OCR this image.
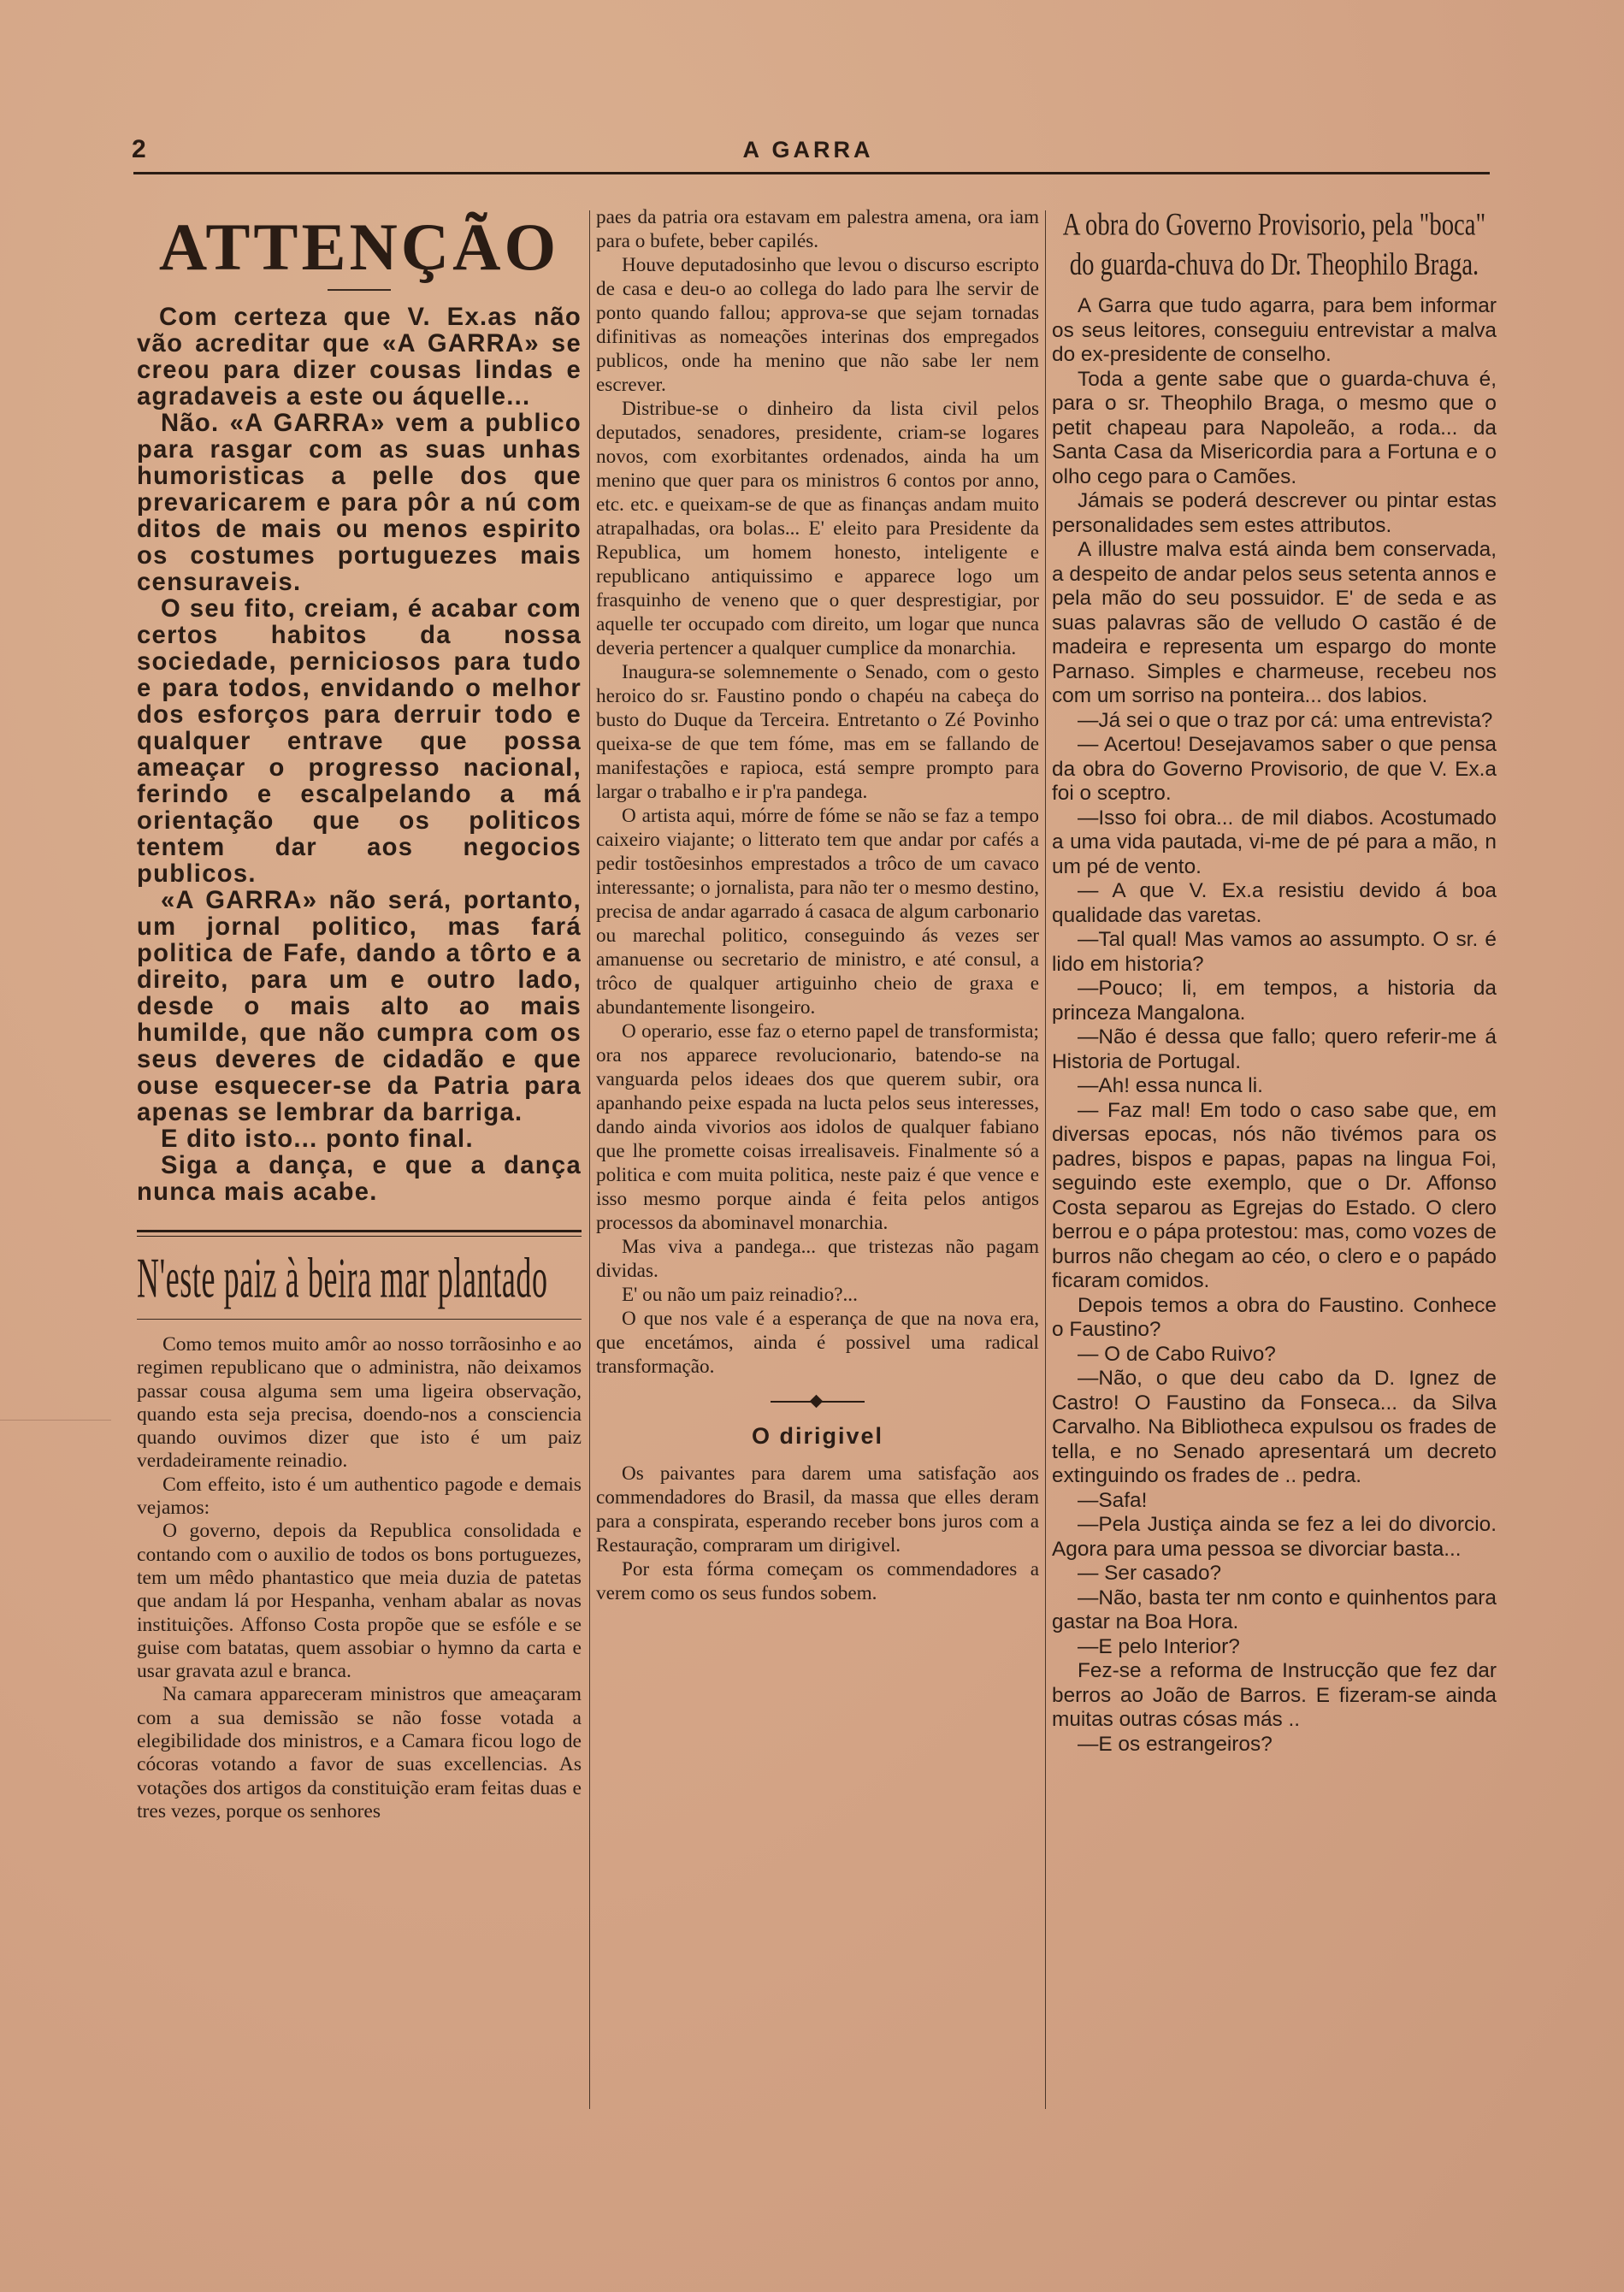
2	A GARRA
ATTENÇÃO

Com certeza que V. Ex.as não vão acreditar que «A GARRA» se creou para dizer cousas lindas e agradaveis a este ou áquelle...

Não. «A GARRA» vem a publico para rasgar com as suas unhas humoristicas a pelle dos que prevaricarem e para pôr a nú com ditos de mais ou menos espirito os costumes portuguezes mais censuraveis.

O seu fito, creiam, é acabar com certos habitos da nossa sociedade, perniciosos para tudo e para todos, envidando o melhor dos esforços para derruir todo e qualquer entrave que possa ameaçar o progresso nacional, ferindo e escalpelando a má orientação que os politicos tentem dar aos negocios publicos.

«A GARRA» não será, portanto, um jornal politico, mas fará politica de Fafe, dando a tôrto e a direito, para um e outro lado, desde o mais alto ao mais humilde, que não cumpra com os seus deveres de cidadão e que ouse esquecer-se da Patria para apenas se lembrar da barriga.

E dito isto... ponto final.

Siga a dança, e que a dança nunca mais acabe.

N'este paiz à beira mar plantado

Como temos muito amôr ao nosso torrãosinho e ao regimen republicano que o administra, não deixamos passar cousa alguma sem uma ligeira observação, quando esta seja precisa, doendo-nos a consciencia quando ouvimos dizer que isto é um paiz verdadeiramente reinadio.

Com effeito, isto é um authentico pagode e demais vejamos:

O governo, depois da Republica consolidada e contando com o auxilio de todos os bons portuguezes, tem um mêdo phantastico que meia duzia de patetas que andam lá por Hespanha, venham abalar as novas instituições. Affonso Costa propõe que se esfóle e se guise com batatas, quem assobiar o hymno da carta e usar gravata azul e branca.

Na camara appareceram ministros que ameaçaram com a sua demissão se não fosse votada a elegibilidade dos ministros, e a Camara ficou logo de cócoras votando a favor de suas excellencias. As votações dos artigos da constituição eram feitas duas e tres vezes, porque os senhores

paes da patria ora estavam em palestra amena, ora iam para o bufete, beber capilés.

Houve deputadosinho que levou o discurso escripto de casa e deu-o ao collega do lado para lhe servir de ponto quando fallou; approva-se que sejam tornadas difinitivas as nomeações interinas dos empregados publicos, onde ha menino que não sabe ler nem escrever.

Distribue-se o dinheiro da lista civil pelos deputados, senadores, presidente, criam-se logares novos, com exorbitantes ordenados, ainda ha um menino que quer para os ministros 6 contos por anno, etc. etc. e queixam-se de que as finanças andam muito atrapalhadas, ora bolas... E' eleito para Presidente da Republica, um homem honesto, inteligente e republicano antiquissimo e apparece logo um frasquinho de veneno que o quer desprestigiar, por aquelle ter occupado com direito, um logar que nunca deveria pertencer a qualquer cumplice da monarchia.

Inaugura-se solemnemente o Senado, com o gesto heroico do sr. Faustino pondo o chapéu na cabeça do busto do Duque da Terceira. Entretanto o Zé Povinho queixa-se de que tem fóme, mas em se fallando de manifestações e rapioca, está sempre prompto para largar o trabalho e ir p'ra pandega.

O artista aqui, mórre de fóme se não se faz a tempo caixeiro viajante; o litterato tem que andar por cafés a pedir tostõesinhos emprestados a trôco de um cavaco interessante; o jornalista, para não ter o mesmo destino, precisa de andar agarrado á casaca de algum carbonario ou marechal politico, conseguindo ás vezes ser amanuense ou secretario de ministro, e até consul, a trôco de qualquer artiguinho cheio de graxa e abundantemente lisongeiro.

O operario, esse faz o eterno papel de transformista; ora nos apparece revolucionario, batendo-se na vanguarda pelos ideaes dos que querem subir, ora apanhando peixe espada na lucta pelos seus interesses, dando ainda vivorios aos idolos de qualquer fabiano que lhe promette coisas irrealisaveis. Finalmente só a politica e com muita politica, neste paiz é que vence e isso mesmo porque ainda é feita pelos antigos processos da abominavel monarchia.

Mas viva a pandega... que tristezas não pagam dividas.

E' ou não um paiz reinadio?...

O que nos vale é a esperança de que na nova era, que encetámos, ainda é possivel uma radical transformação.

O dirigivel

Os paivantes para darem uma satisfação aos commendadores do Brasil, da massa que elles deram para a conspirata, esperando receber bons juros com a Restauração, compraram um dirigivel.

Por esta fórma começam os commendadores a verem como os seus fundos sobem.

A obra do Governo Provisorio, pela "boca"
do guarda-chuva do Dr. Theophilo Braga.

A Garra que tudo agarra, para bem informar os seus leitores, conseguiu entrevistar a malva do ex-presidente de conselho.

Toda a gente sabe que o guarda-chuva é, para o sr. Theophilo Braga, o mesmo que o petit chapeau para Napoleão, a roda... da Santa Casa da Misericordia para a Fortuna e o olho cego para o Camões.

Jámais se poderá descrever ou pintar estas personalidades sem estes attributos.

A illustre malva está ainda bem conservada, a despeito de andar pelos seus setenta annos e pela mão do seu possuidor. E' de seda e as suas palavras são de velludo O castão é de madeira e representa um espargo do monte Parnaso. Simples e charmeuse, recebeu nos com um sorriso na ponteira... dos labios.

—Já sei o que o traz por cá: uma entrevista?

— Acertou! Desejavamos saber o que pensa da obra do Governo Provisorio, de que V. Ex.a foi o sceptro.

—Isso foi obra... de mil diabos. Acostumado a uma vida pautada, vi-me de pé para a mão, n um pé de vento.

— A que V. Ex.a resistiu devido á boa qualidade das varetas.

—Tal qual! Mas vamos ao assumpto. O sr. é lido em historia?

—Pouco; li, em tempos, a historia da princeza Mangalona.

—Não é dessa que fallo; quero referir-me á Historia de Portugal.

—Ah! essa nunca li.

— Faz mal! Em todo o caso sabe que, em diversas epocas, nós não tivémos para os padres, bispos e papas, papas na lingua Foi, seguindo este exemplo, que o Dr. Affonso Costa separou as Egrejas do Estado. O clero berrou e o pápa protestou: mas, como vozes de burros não chegam ao céo, o clero e o papádo ficaram comidos.

Depois temos a obra do Faustino. Conhece o Faustino?

— O de Cabo Ruivo?

—Não, o que deu cabo da D. Ignez de Castro! O Faustino da Fonseca... da Silva Carvalho. Na Bibliotheca expulsou os frades de tella, e no Senado apresentará um decreto extinguindo os frades de .. pedra.

—Safa!

—Pela Justiça ainda se fez a lei do divorcio. Agora para uma pessoa se divorciar basta...

— Ser casado?

—Não, basta ter nm conto e quinhentos para gastar na Boa Hora.

—E pelo Interior?

Fez-se a reforma de Instrucção que fez dar berros ao João de Barros. E fizeram-se ainda muitas outras cósas más ..

—E os estrangeiros?
